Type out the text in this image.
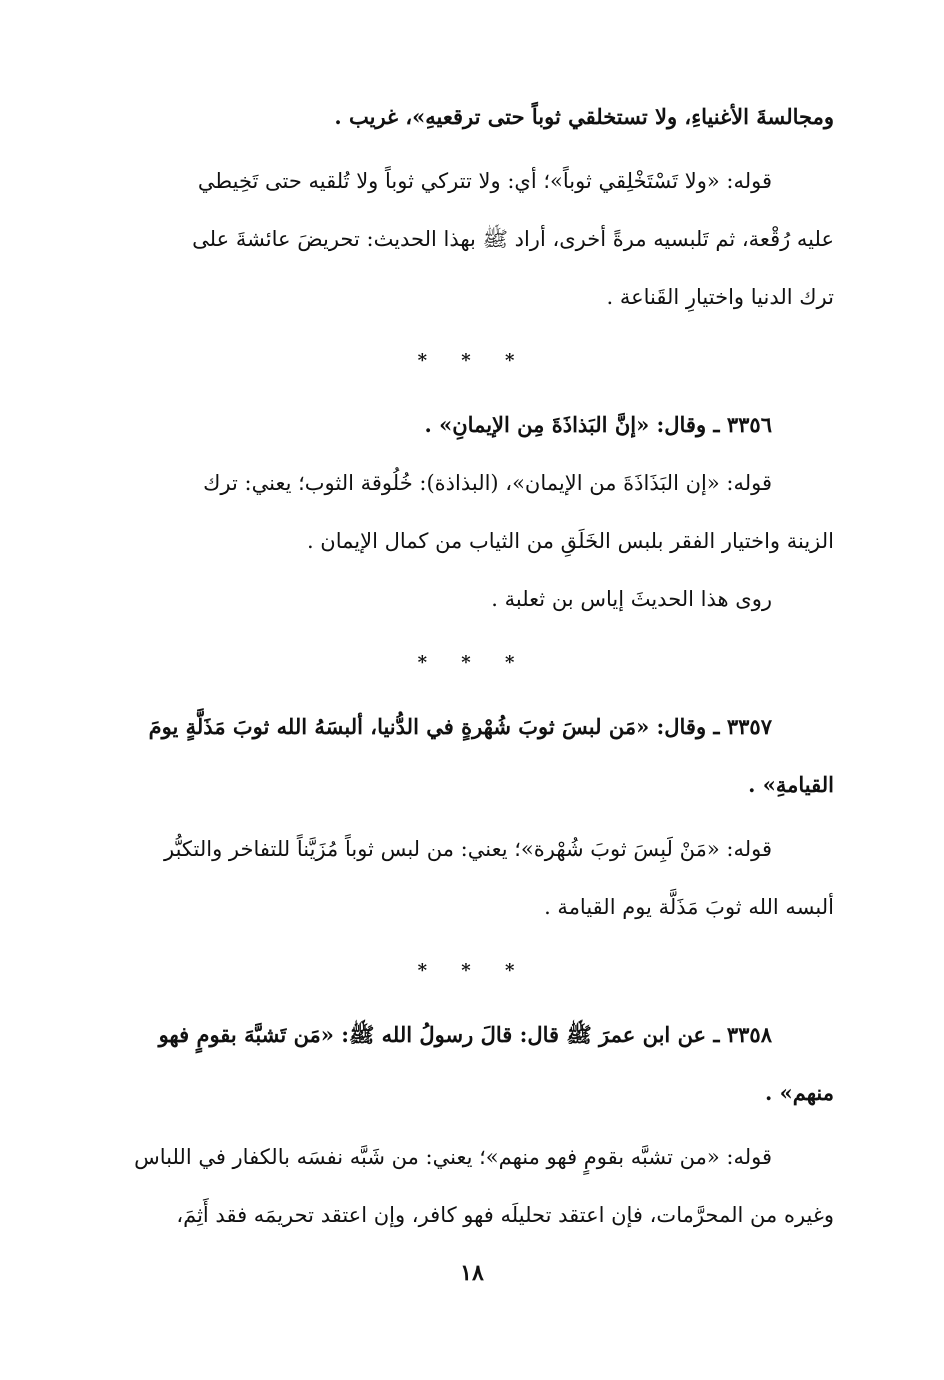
ومجالسةَ الأغنياءِ، ولا تستخلقي ثوباً حتى ترقعيهِ»، غريب .

قوله: «ولا تَسْتَخْلِقي ثوباً»؛ أي: ولا تتركي ثوباً ولا تُلقيه حتى تَخِيطي
عليه رُقْعة، ثم تَلبسيه مرةً أخرى، أراد ﷺ بهذا الحديث: تحريضَ عائشةَ على
ترك الدنيا واختيارِ القَناعة .

* * *

٣٣٥٦ ـ وقال: «إنَّ البَذاذَةَ مِن الإيمانِ» .

قوله: «إن البَذَاذَةَ من الإيمان»، (البذاذة): خُلُوقة الثوب؛ يعني: ترك
الزينة واختيار الفقر بلبس الخَلَقِ من الثياب من كمال الإيمان .

روى هذا الحديثَ إياس بن ثعلبة .

* * *

٣٣٥٧ ـ وقال: «مَن لبسَ ثوبَ شُهْرةٍ في الدُّنيا، ألبسَهُ الله ثوبَ مَذَلَّةٍ يومَ
القيامةِ» .

قوله: «مَنْ لَبِسَ ثوبَ شُهْرة»؛ يعني: من لبس ثوباً مُزَيَّناً للتفاخر والتكبُّر
ألبسه الله ثوبَ مَذَلَّة يوم القيامة .

* * *

٣٣٥٨ ـ عن ابن عمرَ ﷺ قال: قالَ رسولُ الله ﷺ: «مَن تَشبَّهَ بقومٍ فهو
منهم» .

قوله: «من تشبَّه بقومٍ فهو منهم»؛ يعني: من شَبَّه نفسَه بالكفار في اللباس
وغيره من المحرَّمات، فإن اعتقد تحليلَه فهو كافر، وإن اعتقد تحريمَه فقد أَثِمَ،

١٨
